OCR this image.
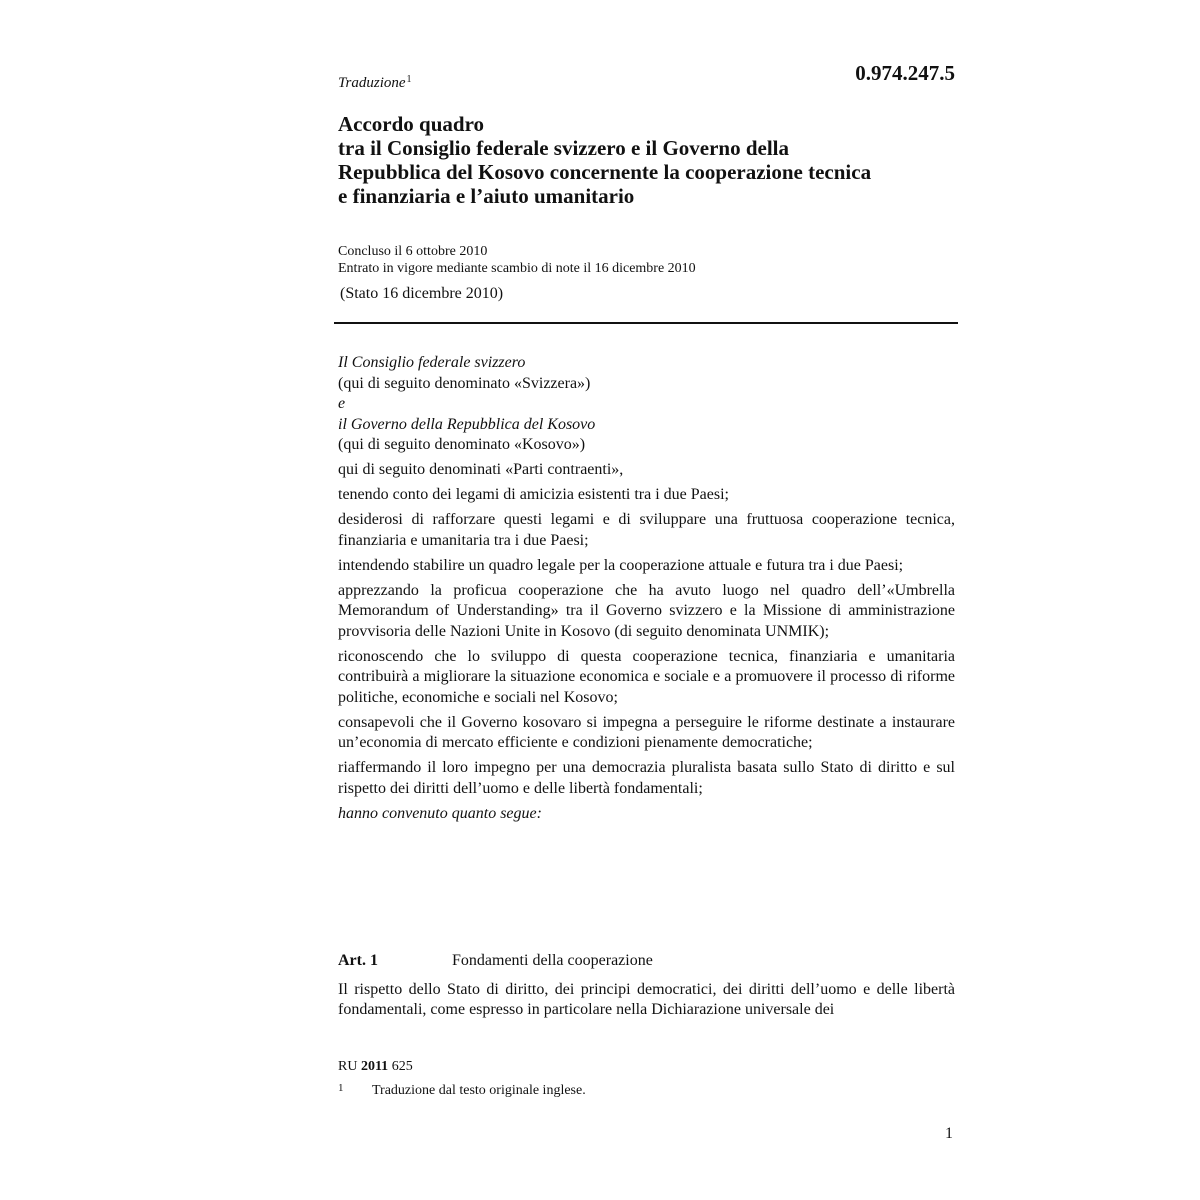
Traduzione$^1$	0.974.247.5
Accordo quadro
tra il Consiglio federale svizzero e il Governo della
Repubblica del Kosovo concernente la cooperazione tecnica
e finanziaria e l’aiuto umanitario
Concluso il 6 ottobre 2010
Entrato in vigore mediante scambio di note il 16 dicembre 2010
(Stato 16 dicembre 2010)
Il Consiglio federale svizzero
(qui di seguito denominato «Svizzera»)
e
il Governo della Repubblica del Kosovo
(qui di seguito denominato «Kosovo»)
qui di seguito denominati «Parti contraenti»,
tenendo conto dei legami di amicizia esistenti tra i due Paesi;
desiderosi di rafforzare questi legami e di sviluppare una fruttuosa cooperazione tecnica, finanziaria e umanitaria tra i due Paesi;
intendendo stabilire un quadro legale per la cooperazione attuale e futura tra i due Paesi;
apprezzando la proficua cooperazione che ha avuto luogo nel quadro dell’«Umbrella Memorandum of Understanding» tra il Governo svizzero e la Missione di amministrazione provvisoria delle Nazioni Unite in Kosovo (di seguito denominata UNMIK);
riconoscendo che lo sviluppo di questa cooperazione tecnica, finanziaria e umanitaria contribuirà a migliorare la situazione economica e sociale e a promuovere il processo di riforme politiche, economiche e sociali nel Kosovo;
consapevoli che il Governo kosovaro si impegna a perseguire le riforme destinate a instaurare un’economia di mercato efficiente e condizioni pienamente democratiche;
riaffermando il loro impegno per una democrazia pluralista basata sullo Stato di diritto e sul rispetto dei diritti dell’uomo e delle libertà fondamentali;
hanno convenuto quanto segue:
Art. 1	Fondamenti della cooperazione
Il rispetto dello Stato di diritto, dei principi democratici, dei diritti dell’uomo e delle libertà fondamentali, come espresso in particolare nella Dichiarazione universale dei
RU 2011 625
1 Traduzione dal testo originale inglese.
1
